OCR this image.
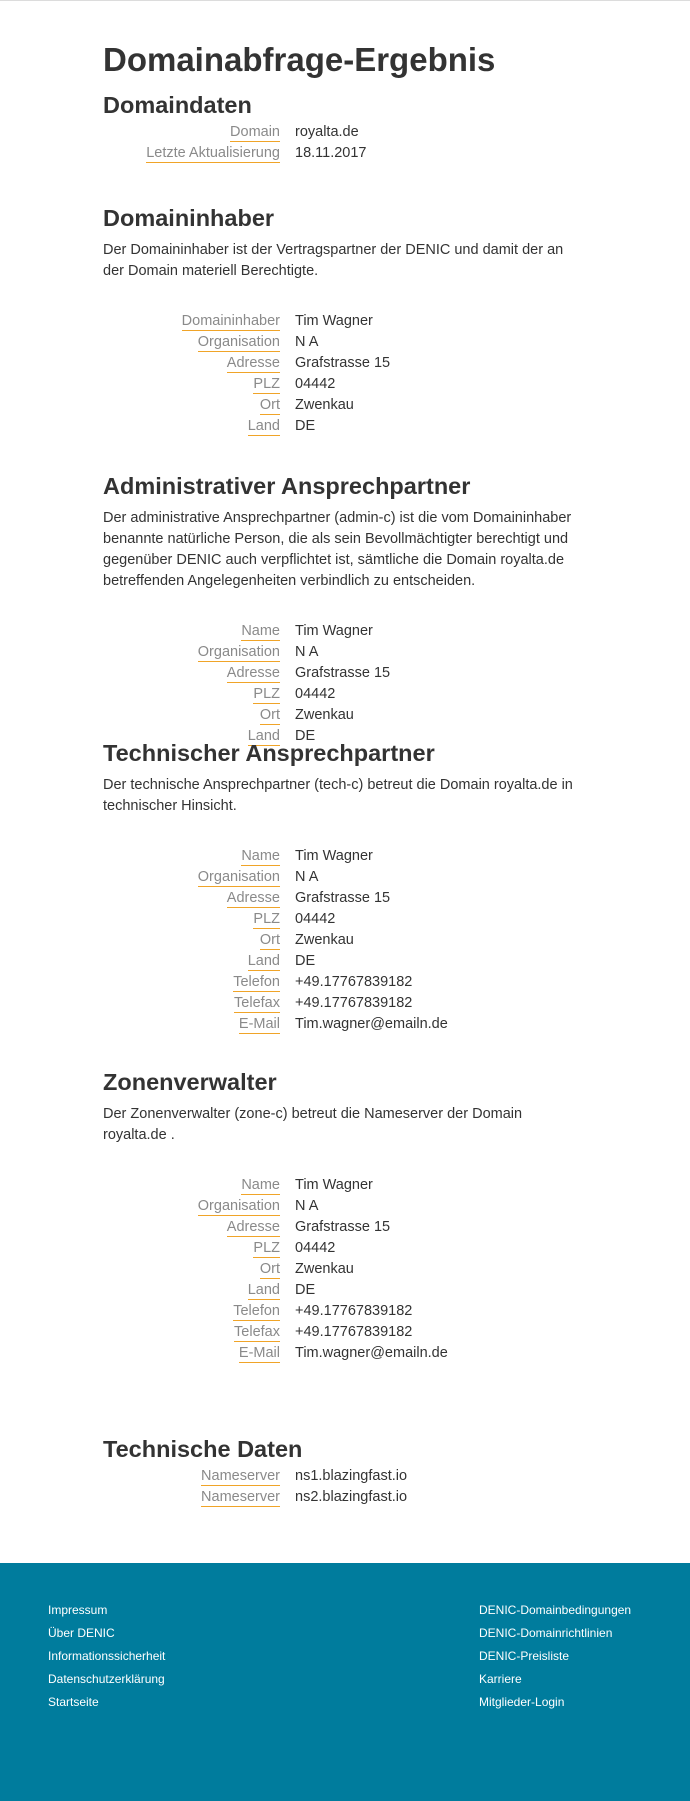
Domainabfrage-Ergebnis
Domaindaten
Domain	royalta.de
Letzte Aktualisierung	18.11.2017
Domaininhaber

Der Domaininhaber ist der Vertragspartner der DENIC und damit der an der Domain materiell Berechtigte.

Domaininhaber	Tim Wagner
Organisation	N A
Adresse	Grafstrasse 15
PLZ	04442
Ort	Zwenkau
Land	DE
Administrativer Ansprechpartner

Der administrative Ansprechpartner (admin-c) ist die vom Domaininhaber benannte natürliche Person, die als sein Bevollmächtigter berechtigt und gegenüber DENIC auch verpflichtet ist, sämtliche die Domain royalta.de betreffenden Angelegenheiten verbindlich zu entscheiden.

Name	Tim Wagner
Organisation	N A
Adresse	Grafstrasse 15
PLZ	04442
Ort	Zwenkau
Land	DE
Technischer Ansprechpartner

Der technische Ansprechpartner (tech-c) betreut die Domain royalta.de in technischer Hinsicht.

Name	Tim Wagner
Organisation	N A
Adresse	Grafstrasse 15
PLZ	04442
Ort	Zwenkau
Land	DE
Telefon	+49.17767839182
Telefax	+49.17767839182
E-Mail	Tim.wagner@emailn.de
Zonenverwalter

Der Zonenverwalter (zone-c) betreut die Nameserver der Domain royalta.de .

Name	Tim Wagner
Organisation	N A
Adresse	Grafstrasse 15
PLZ	04442
Ort	Zwenkau
Land	DE
Telefon	+49.17767839182
Telefax	+49.17767839182
E-Mail	Tim.wagner@emailn.de
Technische Daten
Nameserver	ns1.blazingfast.io
Nameserver	ns2.blazingfast.io
Impressum
Über DENIC
Informationssicherheit
Datenschutzerklärung
Startseite
DENIC-Domainbedingungen
DENIC-Domainrichtlinien
DENIC-Preisliste
Karriere
Mitglieder-Login
